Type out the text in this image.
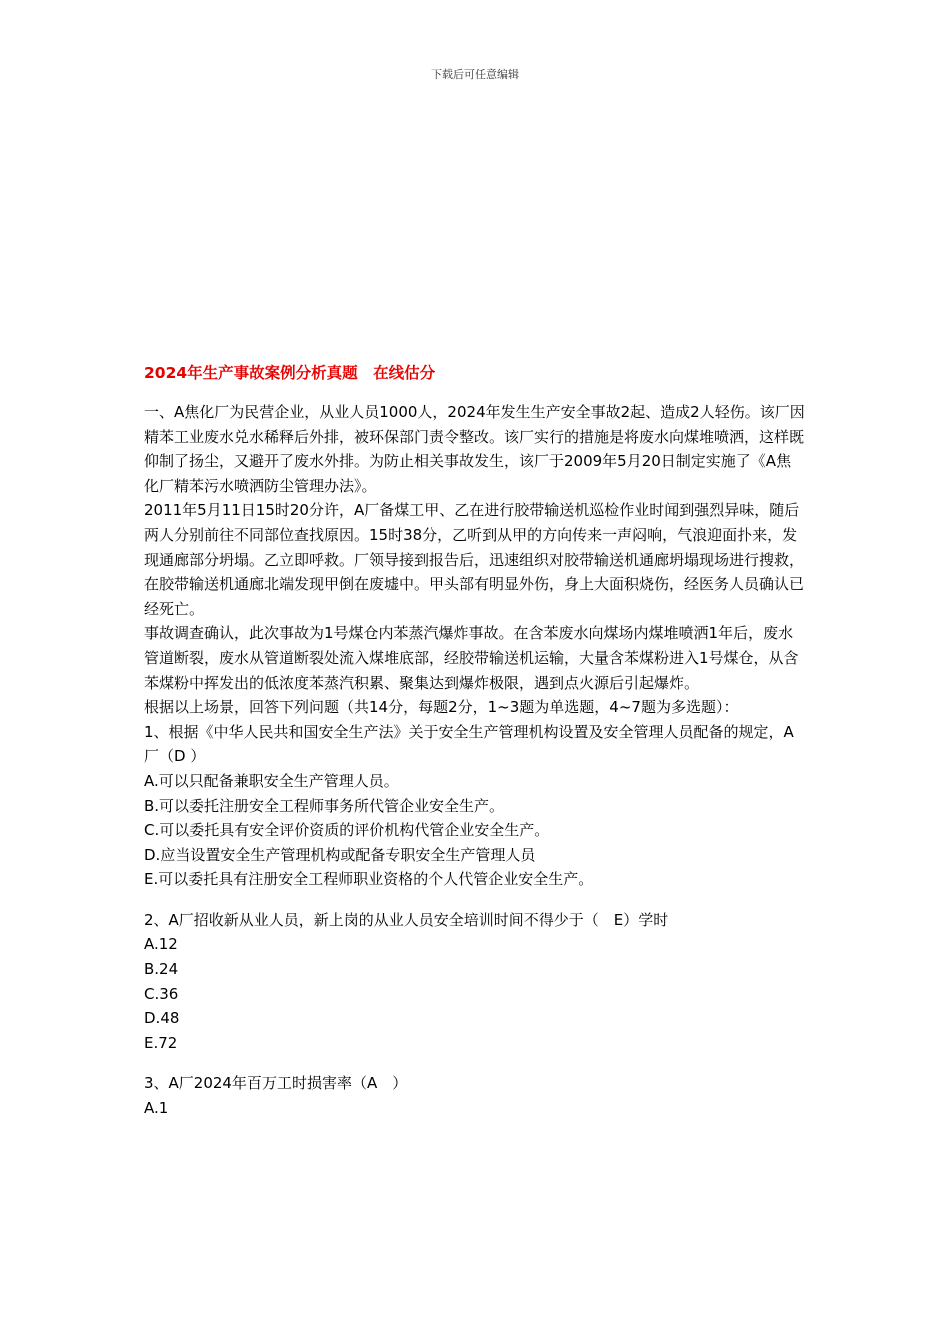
下载后可任意编辑
2024年生产事故案例分析真题　在线估分

一、A焦化厂为民营企业，从业人员1000人，2024年发生生产安全事故2起、造成2人轻伤。该厂因精苯工业废水兑水稀释后外排，被环保部门责令整改。该厂实行的措施是将废水向煤堆喷洒，这样既仰制了扬尘，又避开了废水外排。为防止相关事故发生，该厂于2009年5月20日制定实施了《A焦化厂精苯污水喷洒防尘管理办法》。

2011年5月11日15时20分许，A厂备煤工甲、乙在进行胶带输送机巡检作业时闻到强烈异味，随后两人分别前往不同部位查找原因。15时38分，乙听到从甲的方向传来一声闷响，气浪迎面扑来，发现通廊部分坍塌。乙立即呼救。厂领导接到报告后，迅速组织对胶带输送机通廊坍塌现场进行搜救，在胶带输送机通廊北端发现甲倒在废墟中。甲头部有明显外伤，身上大面积烧伤，经医务人员确认已经死亡。

事故调查确认，此次事故为1号煤仓内苯蒸汽爆炸事故。在含苯废水向煤场内煤堆喷洒1年后，废水管道断裂，废水从管道断裂处流入煤堆底部，经胶带输送机运输，大量含苯煤粉进入1号煤仓，从含苯煤粉中挥发出的低浓度苯蒸汽积累、聚集达到爆炸极限，遇到点火源后引起爆炸。

根据以上场景，回答下列问题（共14分，每题2分，1~3题为单选题，4~7题为多选题）：

1、根据《中华人民共和国安全生产法》关于安全生产管理机构设置及安全管理人员配备的规定，A厂（D ）

A.可以只配备兼职安全生产管理人员。

B.可以委托注册安全工程师事务所代管企业安全生产。

C.可以委托具有安全评价资质的评价机构代管企业安全生产。

D.应当设置安全生产管理机构或配备专职安全生产管理人员

E.可以委托具有注册安全工程师职业资格的个人代管企业安全生产。

2、A厂招收新从业人员，新上岗的从业人员安全培训时间不得少于（　E）学时

A.12

B.24

C.36

D.48

E.72

3、A厂2024年百万工时损害率（A　）

A.1
